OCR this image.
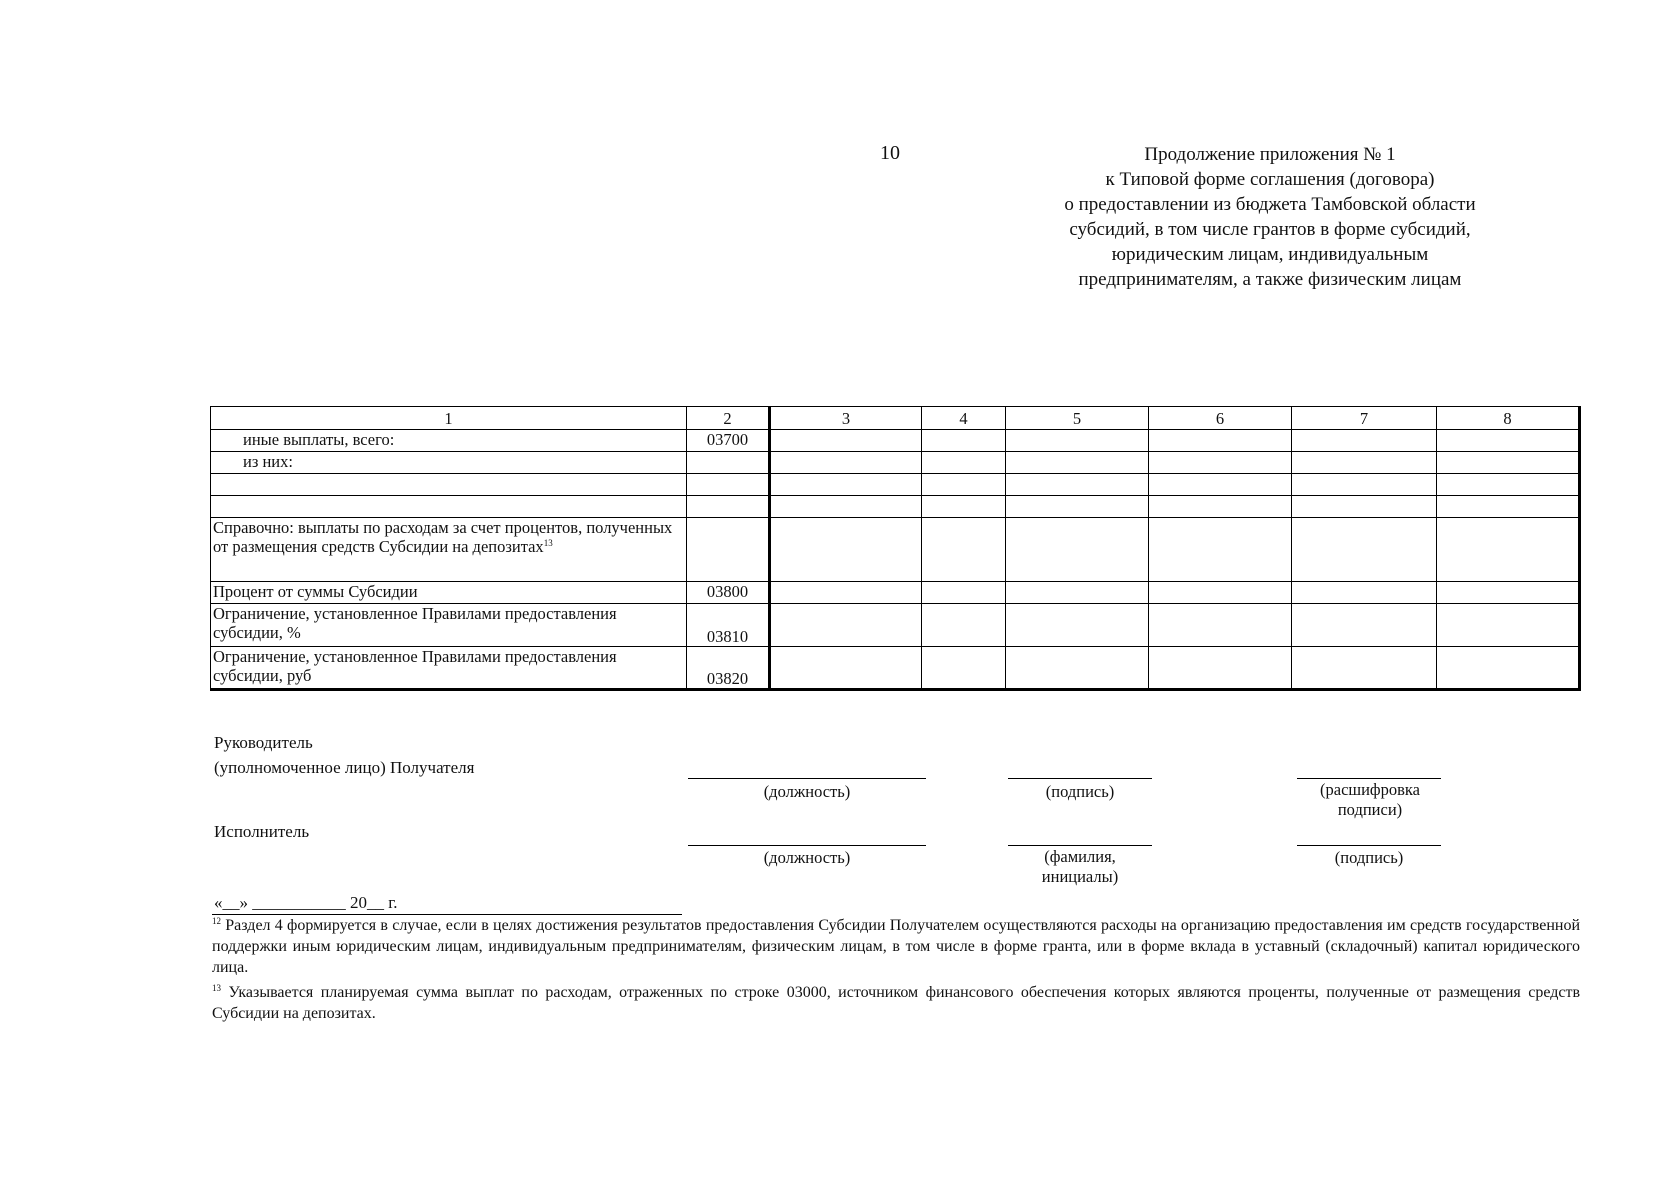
10	Продолжение приложения № 1
к Типовой форме соглашения (договора)
о предоставлении из бюджета Тамбовской области
субсидий, в том числе грантов в форме субсидий,
юридическим лицам, индивидуальным
предпринимателям, а также физическим лицам
1	2	3	4	5	6	7	8
иные выплаты, всего:	03700						
из них:							

Справочно: выплаты по расходам за счет процентов, полученных от размещения средств Субсидии на депозитах$^{13}$							
Процент от суммы Субсидии	03800						
Ограничение, установленное Правилами предоставления субсидии, %	03810						
Ограничение, установленное Правилами предоставления субсидии, руб	03820						
Руководитель
(уполномоченное лицо) Получателя
(должность)	(подпись)	(расшифровка
подписи)
Исполнитель
(должность)	(фамилия,
инициалы)
(подпись)
«__» ___________ 20__ г.

$^{12}$ Раздел 4 формируется в случае, если в целях достижения результатов предоставления Субсидии Получателем осуществляются расходы на организацию предоставления им средств государственной поддержки иным юридическим лицам, индивидуальным предпринимателям, физическим лицам, в том числе в форме гранта, или в форме вклада в уставный (складочный) капитал юридического лица.

$^{13}$ Указывается планируемая сумма выплат по расходам, отраженных по строке 03000, источником финансового обеспечения которых являются проценты, полученные от размещения средств Субсидии на депозитах.
